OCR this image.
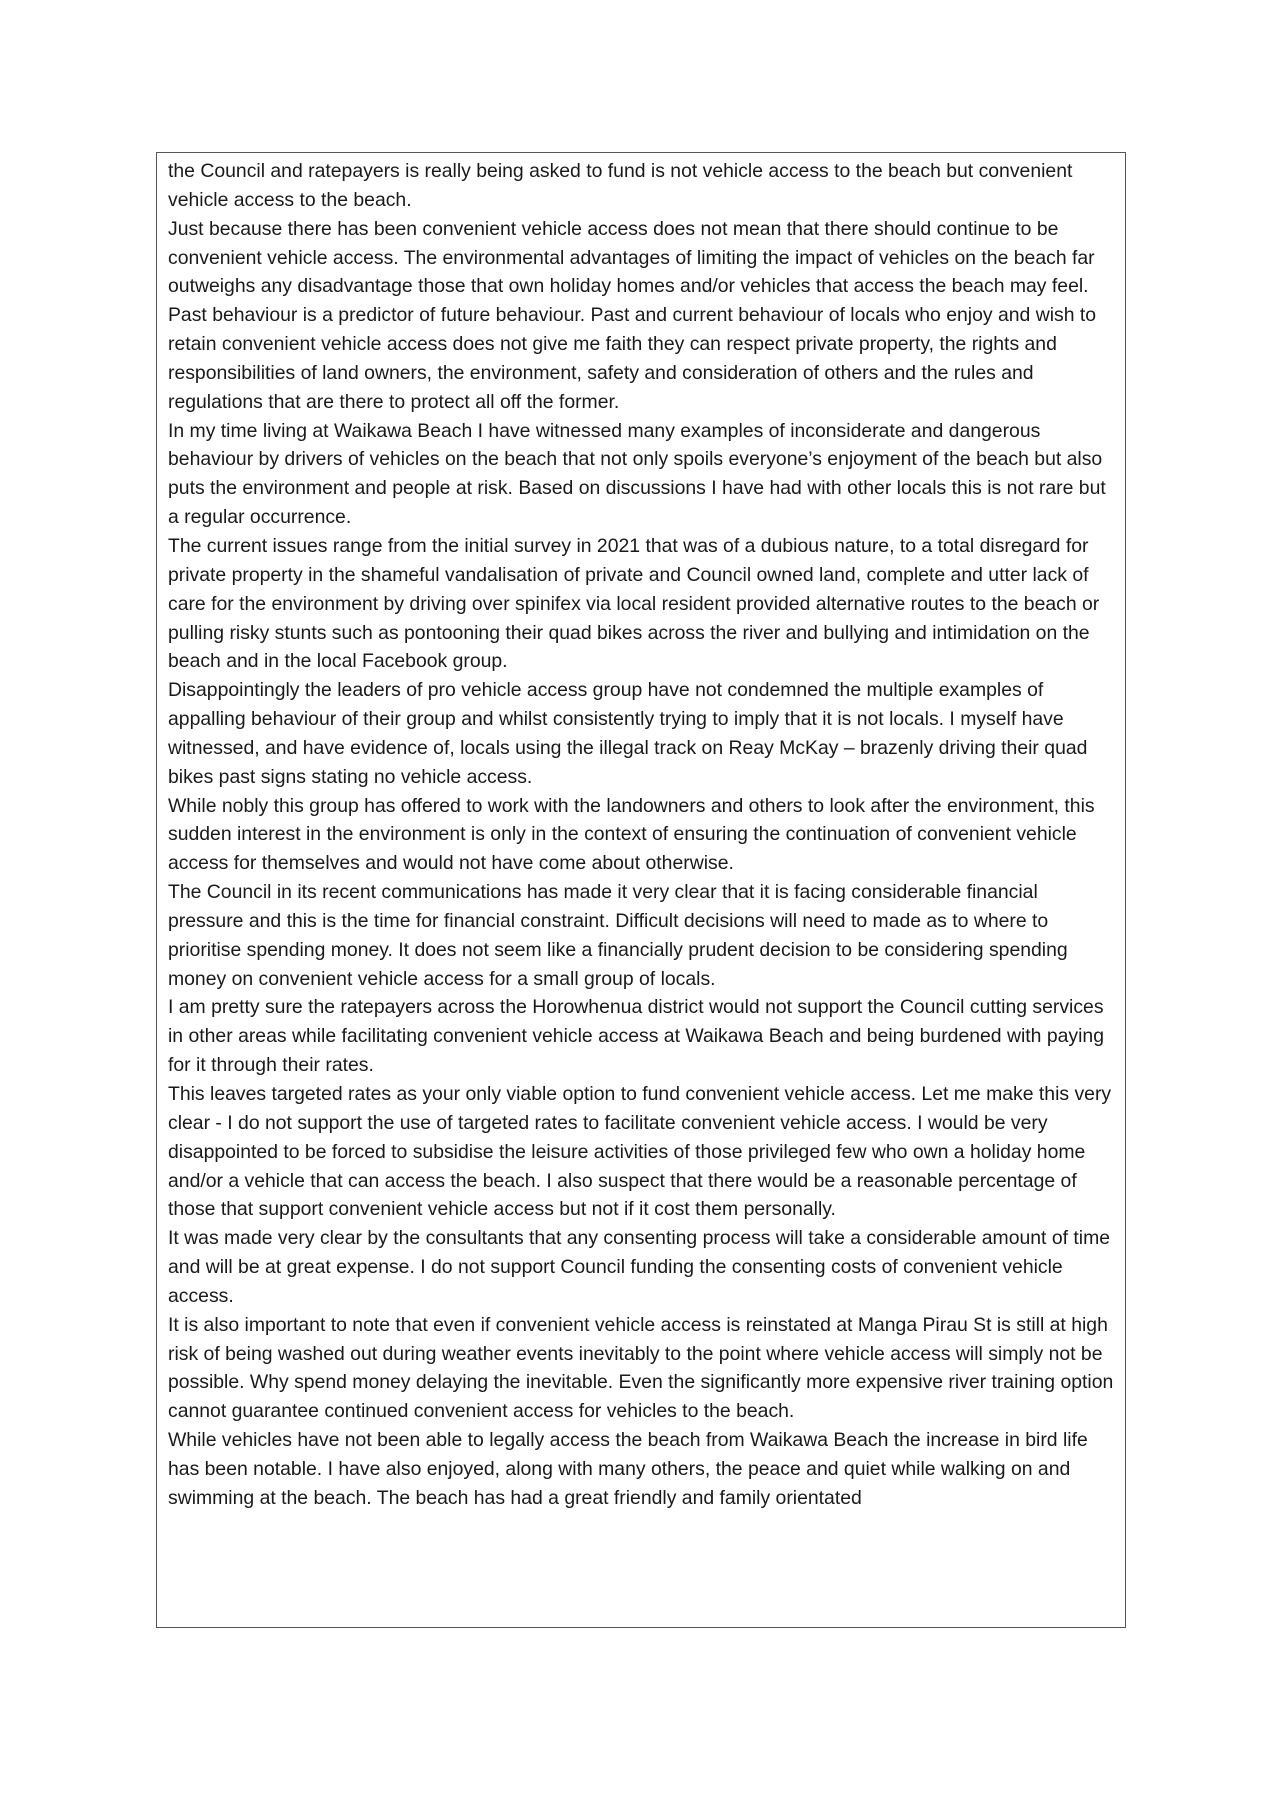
the Council and ratepayers is really being asked to fund is not vehicle access to the beach but convenient vehicle access to the beach.

Just because there has been convenient vehicle access does not mean that there should continue to be convenient vehicle access. The environmental advantages of limiting the impact of vehicles on the beach far outweighs any disadvantage those that own holiday homes and/or vehicles that access the beach may feel.

Past behaviour is a predictor of future behaviour. Past and current behaviour of locals who enjoy and wish to retain convenient vehicle access does not give me faith they can respect private property, the rights and responsibilities of land owners, the environment, safety and consideration of others and the rules and regulations that are there to protect all off the former.

In my time living at Waikawa Beach I have witnessed many examples of inconsiderate and dangerous behaviour by drivers of vehicles on the beach that not only spoils everyone’s enjoyment of the beach but also puts the environment and people at risk. Based on discussions I have had with other locals this is not rare but a regular occurrence.

The current issues range from the initial survey in 2021 that was of a dubious nature, to a total disregard for private property in the shameful vandalisation of private and Council owned land, complete and utter lack of care for the environment by driving over spinifex via local resident provided alternative routes to the beach or pulling risky stunts such as pontooning their quad bikes across the river and bullying and intimidation on the beach and in the local Facebook group.

Disappointingly the leaders of pro vehicle access group have not condemned the multiple examples of appalling behaviour of their group and whilst consistently trying to imply that it is not locals. I myself have witnessed, and have evidence of, locals using the illegal track on Reay McKay – brazenly driving their quad bikes past signs stating no vehicle access.

While nobly this group has offered to work with the landowners and others to look after the environment, this sudden interest in the environment is only in the context of ensuring the continuation of convenient vehicle access for themselves and would not have come about otherwise.

The Council in its recent communications has made it very clear that it is facing considerable financial pressure and this is the time for financial constraint. Difficult decisions will need to made as to where to prioritise spending money. It does not seem like a financially prudent decision to be considering spending money on convenient vehicle access for a small group of locals.

I am pretty sure the ratepayers across the Horowhenua district would not support the Council cutting services in other areas while facilitating convenient vehicle access at Waikawa Beach and being burdened with paying for it through their rates.

This leaves targeted rates as your only viable option to fund convenient vehicle access. Let me make this very clear - I do not support the use of targeted rates to facilitate convenient vehicle access. I would be very disappointed to be forced to subsidise the leisure activities of those privileged few who own a holiday home and/or a vehicle that can access the beach. I also suspect that there would be a reasonable percentage of those that support convenient vehicle access but not if it cost them personally.

It was made very clear by the consultants that any consenting process will take a considerable amount of time and will be at great expense. I do not support Council funding the consenting costs of convenient vehicle access.

It is also important to note that even if convenient vehicle access is reinstated at Manga Pirau St is still at high risk of being washed out during weather events inevitably to the point where vehicle access will simply not be possible. Why spend money delaying the inevitable. Even the significantly more expensive river training option cannot guarantee continued convenient access for vehicles to the beach.

While vehicles have not been able to legally access the beach from Waikawa Beach the increase in bird life has been notable. I have also enjoyed, along with many others, the peace and quiet while walking on and swimming at the beach. The beach has had a great friendly and family orientated
